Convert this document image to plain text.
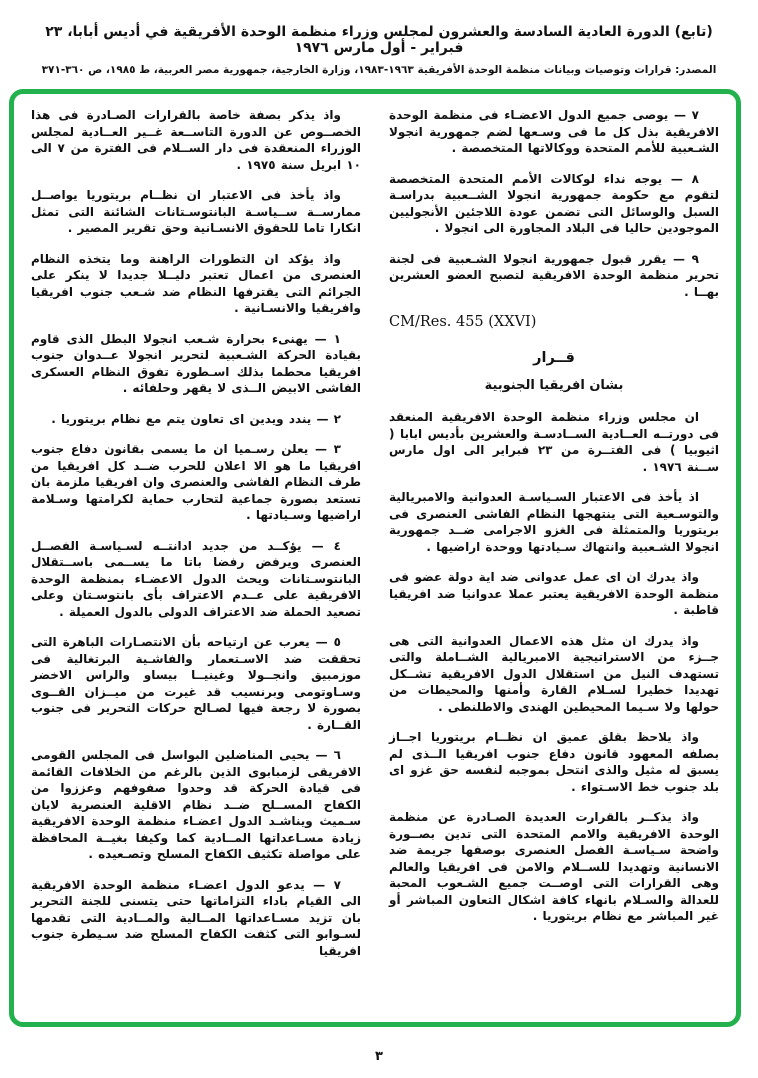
(تابع) الدورة العادية السادسة والعشرون لمجلس وزراء منظمة الوحدة الأفريقية في أديس أبابا، ٢٣ فبراير - أول مارس ١٩٧٦
المصدر: قرارات وتوصيات وبيانات منظمة الوحدة الأفريقية ١٩٦٣-١٩٨٣، وزارة الخارجية، جمهورية مصر العربية، ط ١٩٨٥، ص ٣٦٠-٣٧١

٧ — يوصى جميع الدول الاعضـاء فى منظمة الوحدة الافريقية بذل كل ما فى وسـعها لضم جمهورية انجولا الشـعبية للأمم المتحدة ووكالاتها المتخصصة .

٨ — يوجه نداء لوكالات الأمم المتحدة المتخصصة لتقوم مع حكومة جمهورية انجولا الشــعبية بدراسـة السبل والوسائل التى تضمن عودة اللاجئين الأنجوليين الموجودين حاليا فى البلاد المجاورة الى انجولا .

٩ — يقرر قبول جمهورية انجولا الشـعبية فى لجنة تحرير منظمة الوحدة الافريقية لتصبح العضو العشرين بهــا .

CM/Res. 455 (XXVI)
قــرار
بشان افريقيا الجنوبية

ان مجلس وزراء منظمة الوحدة الافريقية المنعقد فى دورتــه العــادية الســادسـة والعشرين بأديس ابابا ( اثيوبيا ) فى الفتــرة من ٢٣ فبراير الى اول مارس ســنة ١٩٧٦ .

اذ يأخذ فى الاعتبار السـياسـة العدوانية والامبريالية والتوسـعية التى ينتهجها النظام الفاشى العنصرى فى بريتوريا والمتمثلة فى الغزو الاجرامى ضــد جمهورية انجولا الشـعبية وانتهاك سـيادتها ووحدة اراضيها .

واذ يدرك ان اى عمل عدوانى ضد اية دولة عضو فى منظمة الوحدة الافريقية يعتبر عملا عدوانيا ضد افريقيا قاطبة .

واذ يدرك ان مثل هذه الاعمال العدوانية التى هى جــزء من الاستراتيجية الامبريالية الشــاملة والتى تستهدف النيل من استقلال الدول الافريقية تشــكل تهديدا خطيرا لسـلام القارة وأمنها والمحيطات من حولها ولا سـيما المحيطين الهندى والاطلنطى .

واذ يلاحظ بقلق عميق ان نظــام بريتوريا اجــاز بصلفه المعهود قانون دفاع جنوب افريقيا الــذى لم يسبق له مثيل والذى انتحل بموجبه لنفسه حق غزو اى بلد جنوب خط الاسـتواء .

واذ يذكــر بالقرارت العديدة الصـادرة عن منظمة الوحدة الافريقية والامم المتحدة التى تدين بصــورة واضحة سـياسـة الفصل العنصرى بوصفها جريمة ضد الانسانية وتهديدا للســلام والامن فى افريقيا والعالم وهى القرارات التى اوصــت جميع الشـعوب المحبة للعدالة والسـلام بانهاء كافة اشكال التعاون المباشر أو غير المباشر مع نظام بريتوريا .

واذ يذكر بصفة خاصة بالقرارات الصـادرة فى هذا الخصــوص عن الدورة التاســعة غــير العــادية لمجلس الوزراء المنعقدة فى دار الســلام فى الفترة من ٧ الى ١٠ ابريل سنة ١٩٧٥ .

واذ يأخذ فى الاعتبار ان نظــام بريتوريا يواصــل ممارســة ســياسـة البانتوسـتانات الشائنة التى تمثل انكارا تاما للحقوق الانسـانية وحق تقرير المصير .

واذ يؤكد ان التطورات الراهنة وما يتخذه النظام العنصرى من اعمال تعتبر دليــلا جديدا لا ينكر على الجرائم التى يقترفها النظام ضد شـعب جنوب افريقيا وافريقيا والانسـانية .

١ — يهنىء بحرارة شـعب انجولا البطل الذى قاوم بقيادة الحركة الشـعبية لتحرير انجولا عــدوان جنوب افريقيا محطما بذلك اسـطورة تفوق النظام العسكرى الفاشى الابيض الــذى لا يقهر وحلفائه .

٢ — يندد ويدين اى تعاون يتم مع نظام بريتوريا .

٣ — يعلن رسـميا ان ما يسمى بقانون دفاع جنوب افريقيا ما هو الا اعلان للحرب ضــد كل افريقيا من طرف النظام الفاشى والعنصرى وان افريقيا ملزمة بان تستعد بصورة جماعية لتحارب حماية لكرامتها وسـلامة اراضيها وسـيادتها .

٤ — يؤكــد من جديد ادانتــه لسـياسـة الفصــل العنصرى ويرفض رفضا باتا ما يســمى باســتقلال البانتوسـتانات ويحث الدول الاعضـاء بمنظمة الوحدة الافريقية على عــدم الاعتراف بأى بانتوسـتان وعلى تصعيد الحملة ضد الاعتراف الدولى بالدول العميلة .

٥ — يعرب عن ارتياحه بأن الانتصـارات الباهرة التى تحققت ضد الاسـتعمار والفاشـية البرتغالية فى موزمبيق وانجــولا وغينيــا بيساو والراس الاخضر وسـاوتومى وبرنسيب قد غيرت من ميــزان القــوى بصورة لا رجعة فيها لصـالح حركات التحرير فى جنوب القــارة .

٦ — يحيى المناضلين البواسل فى المجلس القومى الافريقى لزمبابوى الذين بالرغم من الخلافات القائمة فى قيادة الحركة قد وحدوا صفوفهم وعززوا من الكفاح المســلح ضــد نظام الاقلية العنصرية لايان سـميث ويناشـد الدول اعضـاء منظمة الوحدة الافريقية زيادة مسـاعداتها المــادية كما وكيفا بغيــة المحافظة على مواصلة تكثيف الكفاح المسلح وتصـعيده .

٧ — يدعو الدول اعضـاء منظمة الوحدة الافريقية الى القيام باداء التزاماتها حتى يتسنى للجنة التحرير بان تزيد مسـاعداتها المــالية والمــادية التى تقدمها لسـوابو التى كثفت الكفاح المسلح ضد سـيطرة جنوب افريقيا

٣
